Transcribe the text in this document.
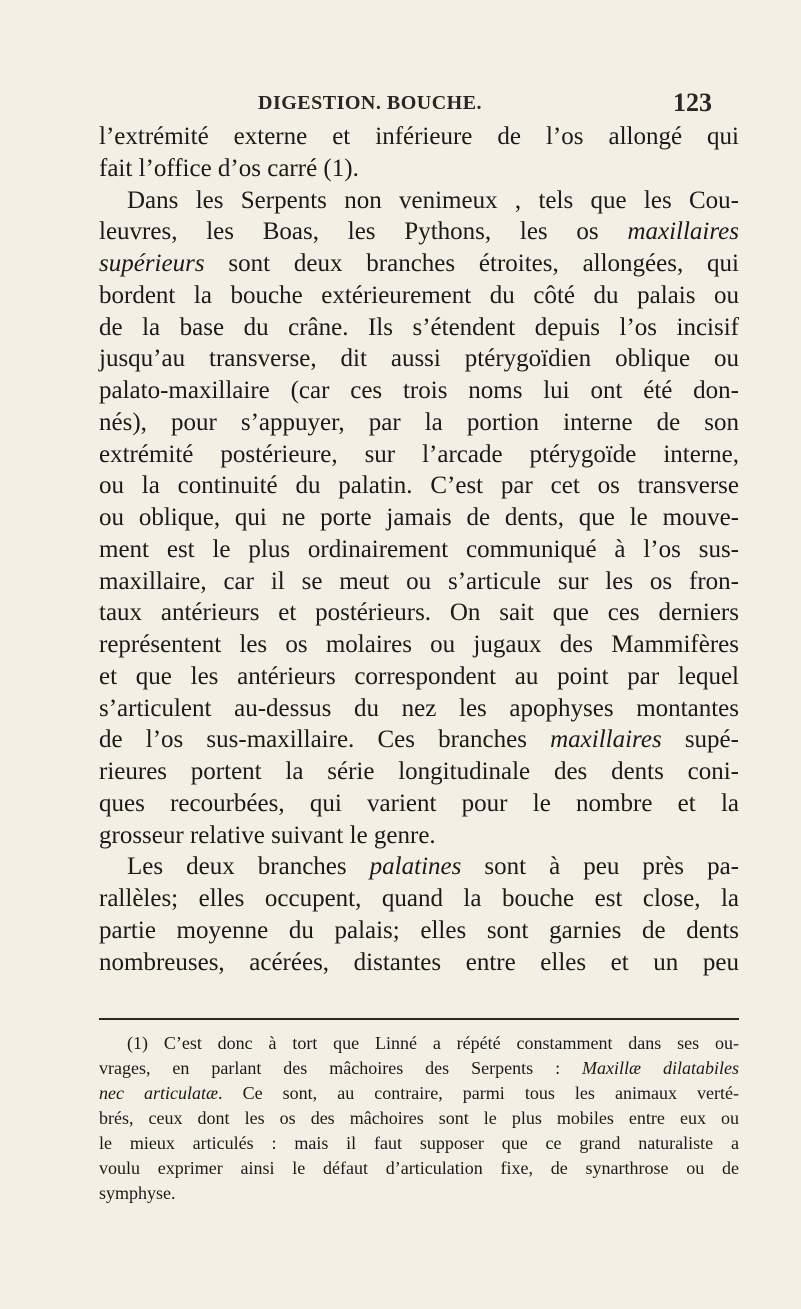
DIGESTION. BOUCHE.	123
l’extrémité externe et inférieure de l’os allongé qui
fait l’office d’os carré (1).
Dans les Serpents non venimeux , tels que les Cou-
leuvres, les Boas, les Pythons, les os maxillaires
supérieurs sont deux branches étroites, allongées, qui
bordent la bouche extérieurement du côté du palais ou
de la base du crâne. Ils s’étendent depuis l’os incisif
jusqu’au transverse, dit aussi ptérygoïdien oblique ou
palato-maxillaire (car ces trois noms lui ont été don-
nés), pour s’appuyer, par la portion interne de son
extrémité postérieure, sur l’arcade ptérygoïde interne,
ou la continuité du palatin. C’est par cet os transverse
ou oblique, qui ne porte jamais de dents, que le mouve-
ment est le plus ordinairement communiqué à l’os sus-
maxillaire, car il se meut ou s’articule sur les os fron-
taux antérieurs et postérieurs. On sait que ces derniers
représentent les os molaires ou jugaux des Mammifères
et que les antérieurs correspondent au point par lequel
s’articulent au-dessus du nez les apophyses montantes
de l’os sus-maxillaire. Ces branches maxillaires supé-
rieures portent la série longitudinale des dents coni-
ques recourbées, qui varient pour le nombre et la
grosseur relative suivant le genre.
Les deux branches palatines sont à peu près pa-
rallèles; elles occupent, quand la bouche est close, la
partie moyenne du palais; elles sont garnies de dents
nombreuses, acérées, distantes entre elles et un peu
(1) C’est donc à tort que Linné a répété constamment dans ses ou-
vrages, en parlant des mâchoires des Serpents : Maxillæ dilatabiles
nec articulatæ. Ce sont, au contraire, parmi tous les animaux verté-
brés, ceux dont les os des mâchoires sont le plus mobiles entre eux ou
le mieux articulés : mais il faut supposer que ce grand naturaliste a
voulu exprimer ainsi le défaut d’articulation fixe, de synarthrose ou de
symphyse.
